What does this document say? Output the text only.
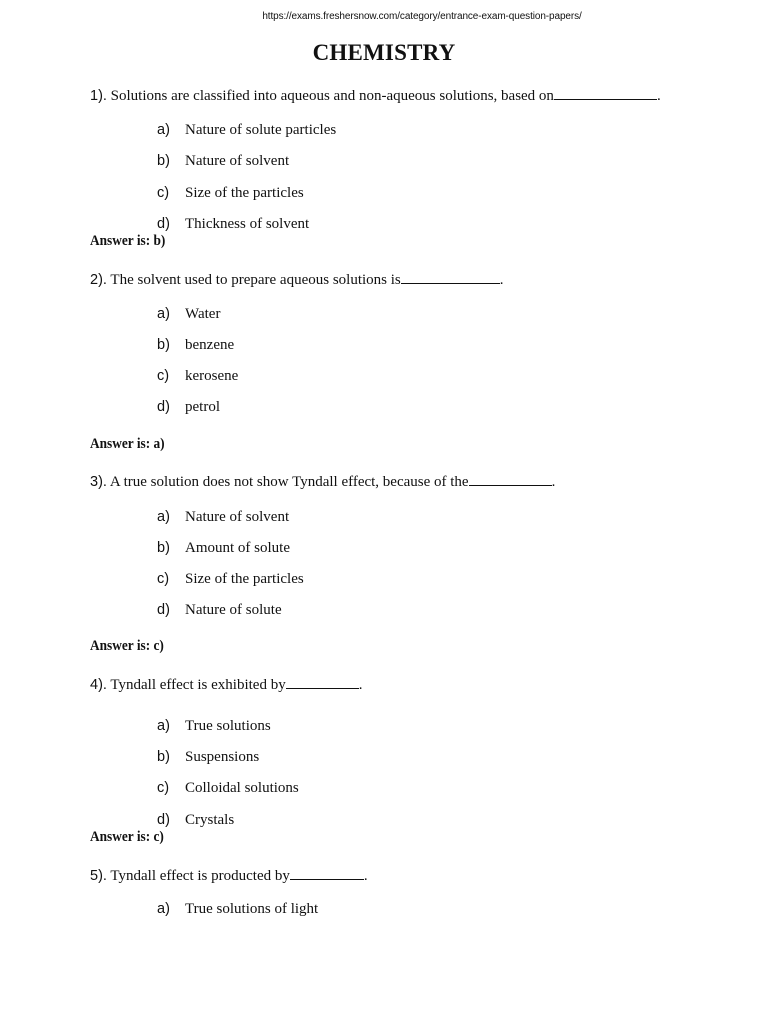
https://exams.freshersnow.com/category/entrance-exam-question-papers/
CHEMISTRY
1). Solutions are classified into aqueous and non-aqueous solutions, based on	.
a) Nature of solute particles
b) Nature of solvent
c) Size of the particles
d) Thickness of solvent
Answer is: b)
2). The solvent used to prepare aqueous solutions is	.
a) Water
b) benzene
c) kerosene
d) petrol
Answer is: a)
3). A true solution does not show Tyndall effect, because of the	.
a) Nature of solvent
b) Amount of solute
c) Size of the particles
d) Nature of solute
Answer is: c)
4). Tyndall effect is exhibited by	.
a) True solutions
b) Suspensions
c) Colloidal solutions
d) Crystals
Answer is: c)
5). Tyndall effect is producted by	.
a) True solutions of light
